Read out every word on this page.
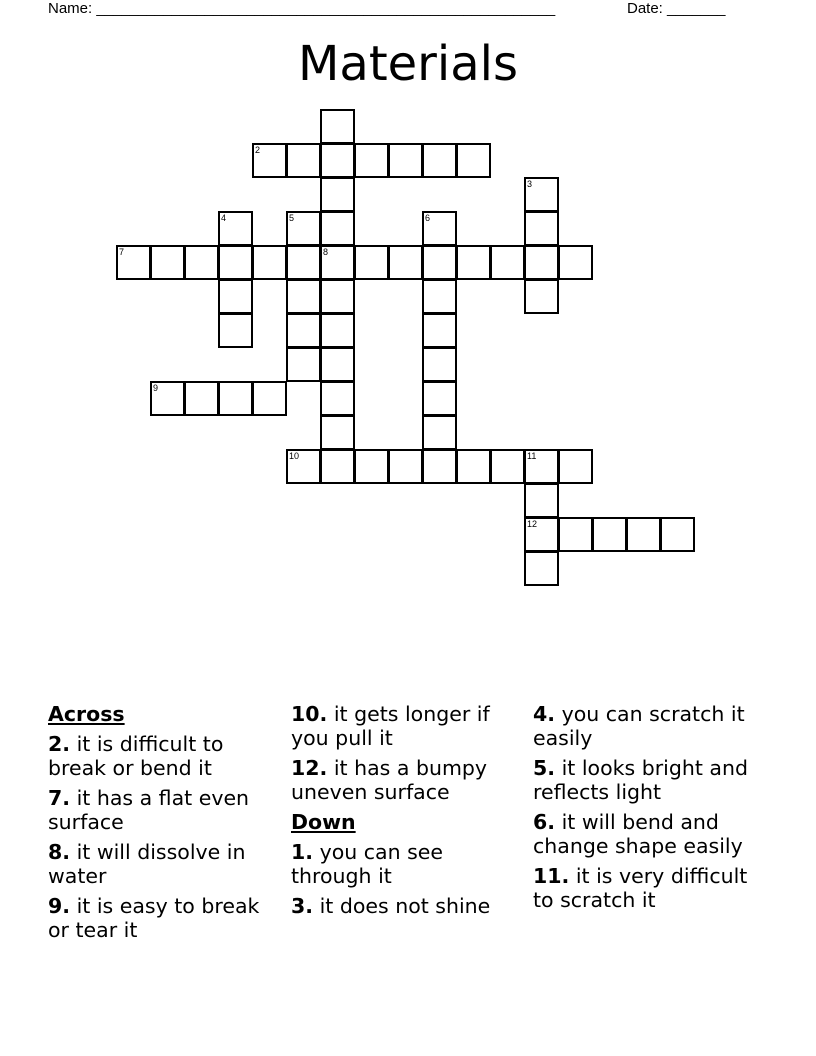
Name: _______________________________________________________	Date: _______
Materials
2
3
4	5	6
7	8
9
10	11
12
Across
2. it is difficult to break or bend it
7. it has a flat even surface
8. it will dissolve in water
9. it is easy to break or tear it
10. it gets longer if you pull it
12. it has a bumpy uneven surface
Down
1. you can see through it
3. it does not shine
4. you can scratch it easily
5. it looks bright and reflects light
6. it will bend and change shape easily
11. it is very difficult to scratch it
